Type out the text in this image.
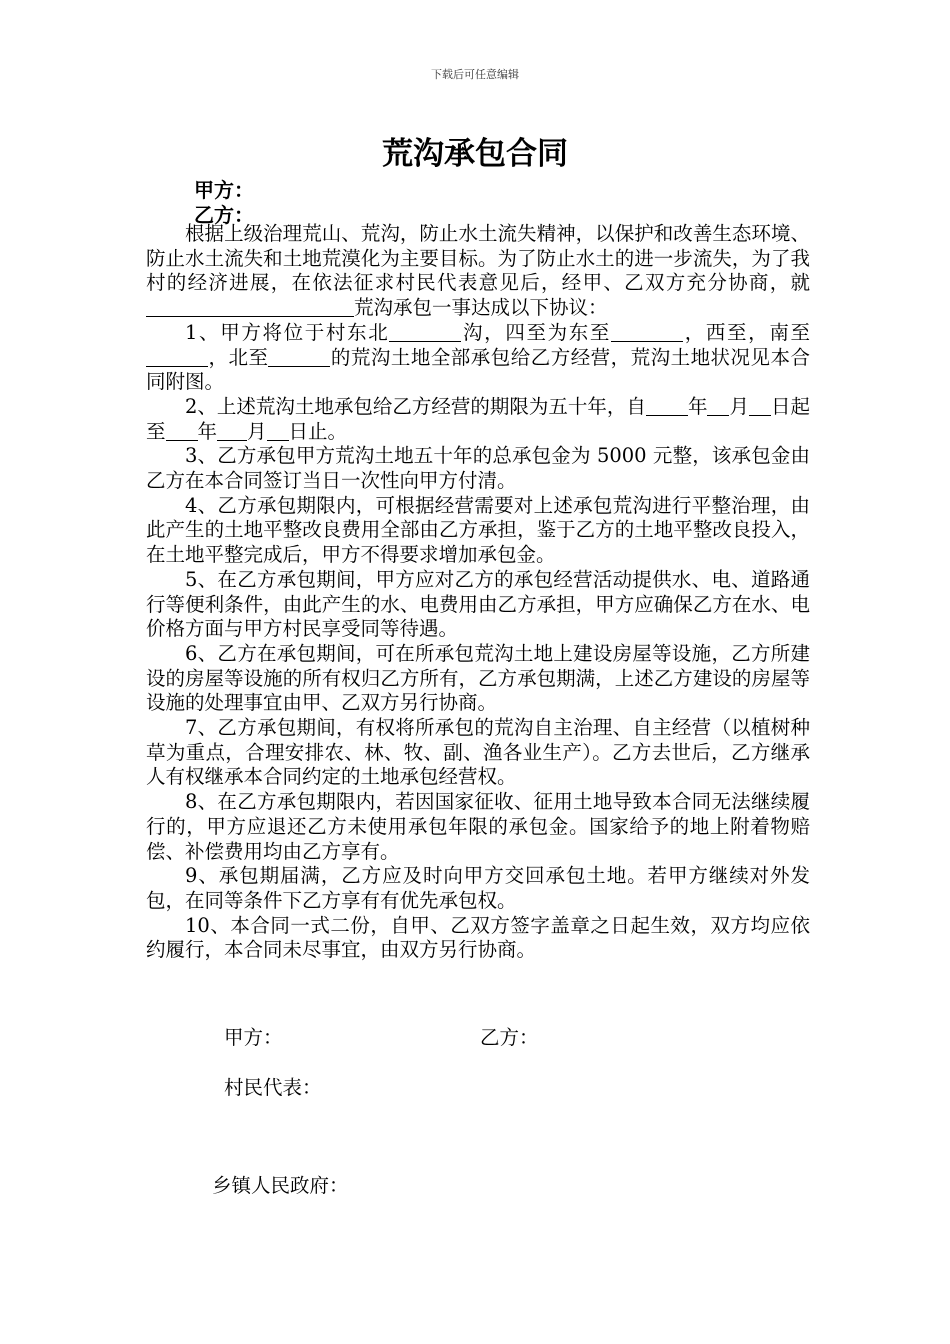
下载后可任意编辑
荒沟承包合同
甲方：
乙方：

根据上级治理荒山、荒沟，防止水土流失精神，以保护和改善生态环境、防止水土流失和土地荒漠化为主要目标。为了防止水土的进一步流失，为了我村的经济进展，在依法征求村民代表意见后，经甲、乙双方充分协商，就荒沟承包一事达成以下协议：

1、甲方将位于村东北	沟，四至为东至	，西至，南至，北至	的荒沟土地全部承包给乙方经营，荒沟土地状况见本合同附图。

2、上述荒沟土地承包给乙方经营的期限为五十年，自 年 月 日起至 年 月 日止。

3、乙方承包甲方荒沟土地五十年的总承包金为 5000 元整，该承包金由乙方在本合同签订当日一次性向甲方付清。

4、乙方承包期限内，可根据经营需要对上述承包荒沟进行平整治理，由此产生的土地平整改良费用全部由乙方承担，鉴于乙方的土地平整改良投入，在土地平整完成后，甲方不得要求增加承包金。

5、在乙方承包期间，甲方应对乙方的承包经营活动提供水、电、道路通行等便利条件，由此产生的水、电费用由乙方承担，甲方应确保乙方在水、电价格方面与甲方村民享受同等待遇。

6、乙方在承包期间，可在所承包荒沟土地上建设房屋等设施，乙方所建设的房屋等设施的所有权归乙方所有，乙方承包期满，上述乙方建设的房屋等设施的处理事宜由甲、乙双方另行协商。

7、乙方承包期间，有权将所承包的荒沟自主治理、自主经营（以植树种草为重点，合理安排农、林、牧、副、渔各业生产）。乙方去世后，乙方继承人有权继承本合同约定的土地承包经营权。

8、在乙方承包期限内，若因国家征收、征用土地导致本合同无法继续履行的，甲方应退还乙方未使用承包年限的承包金。国家给予的地上附着物赔偿、补偿费用均由乙方享有。

9、承包期届满，乙方应及时向甲方交回承包土地。若甲方继续对外发包，在同等条件下乙方享有有优先承包权。

10、本合同一式二份，自甲、乙双方签字盖章之日起生效，双方均应依约履行，本合同未尽事宜，由双方另行协商。

甲方：	乙方：
村民代表：
乡镇人民政府：
